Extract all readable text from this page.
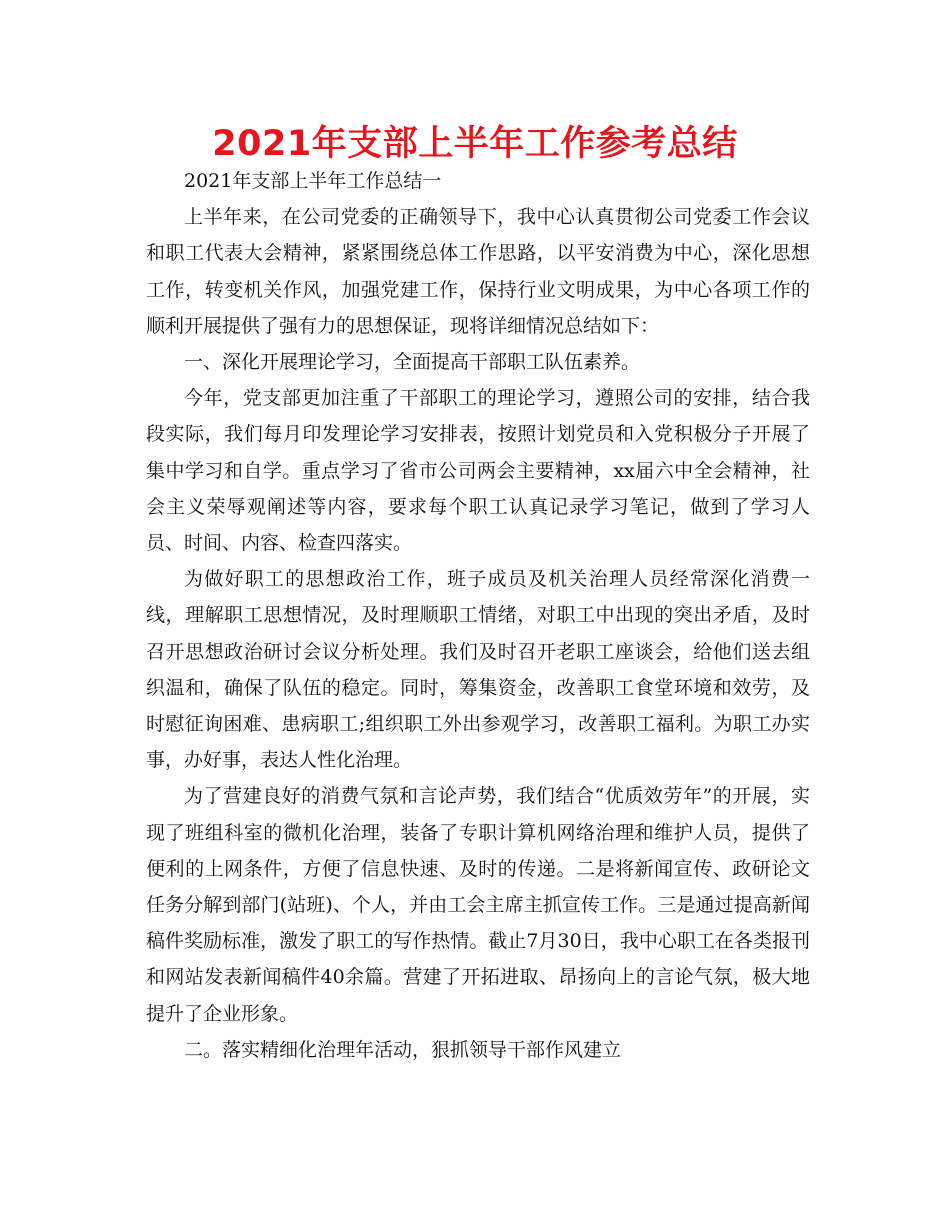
2021年支部上半年工作参考总结

2021年支部上半年工作总结一

上半年来，在公司党委的正确领导下，我中心认真贯彻公司党委工作会议和职工代表大会精神，紧紧围绕总体工作思路，以平安消费为中心，深化思想工作，转变机关作风，加强党建工作，保持行业文明成果，为中心各项工作的顺利开展提供了强有力的思想保证，现将详细情况总结如下：

一、深化开展理论学习，全面提高干部职工队伍素养。

今年，党支部更加注重了干部职工的理论学习，遵照公司的安排，结合我段实际，我们每月印发理论学习安排表，按照计划党员和入党积极分子开展了集中学习和自学。重点学习了省市公司两会主要精神，xx届六中全会精神，社会主义荣辱观阐述等内容，要求每个职工认真记录学习笔记，做到了学习人员、时间、内容、检查四落实。

为做好职工的思想政治工作，班子成员及机关治理人员经常深化消费一线，理解职工思想情况，及时理顺职工情绪，对职工中出现的突出矛盾，及时召开思想政治研讨会议分析处理。我们及时召开老职工座谈会，给他们送去组织温和，确保了队伍的稳定。同时，筹集资金，改善职工食堂环境和效劳，及时慰征询困难、患病职工;组织职工外出参观学习，改善职工福利。为职工办实事，办好事，表达人性化治理。

为了营建良好的消费气氛和言论声势，我们结合“优质效劳年”的开展，实现了班组科室的微机化治理，装备了专职计算机网络治理和维护人员，提供了便利的上网条件，方便了信息快速、及时的传递。二是将新闻宣传、政研论文任务分解到部门(站班)、个人，并由工会主席主抓宣传工作。三是通过提高新闻稿件奖励标准，激发了职工的写作热情。截止7月30日，我中心职工在各类报刊和网站发表新闻稿件40余篇。营建了开拓进取、昂扬向上的言论气氛，极大地提升了企业形象。

二。落实精细化治理年活动，狠抓领导干部作风建立
